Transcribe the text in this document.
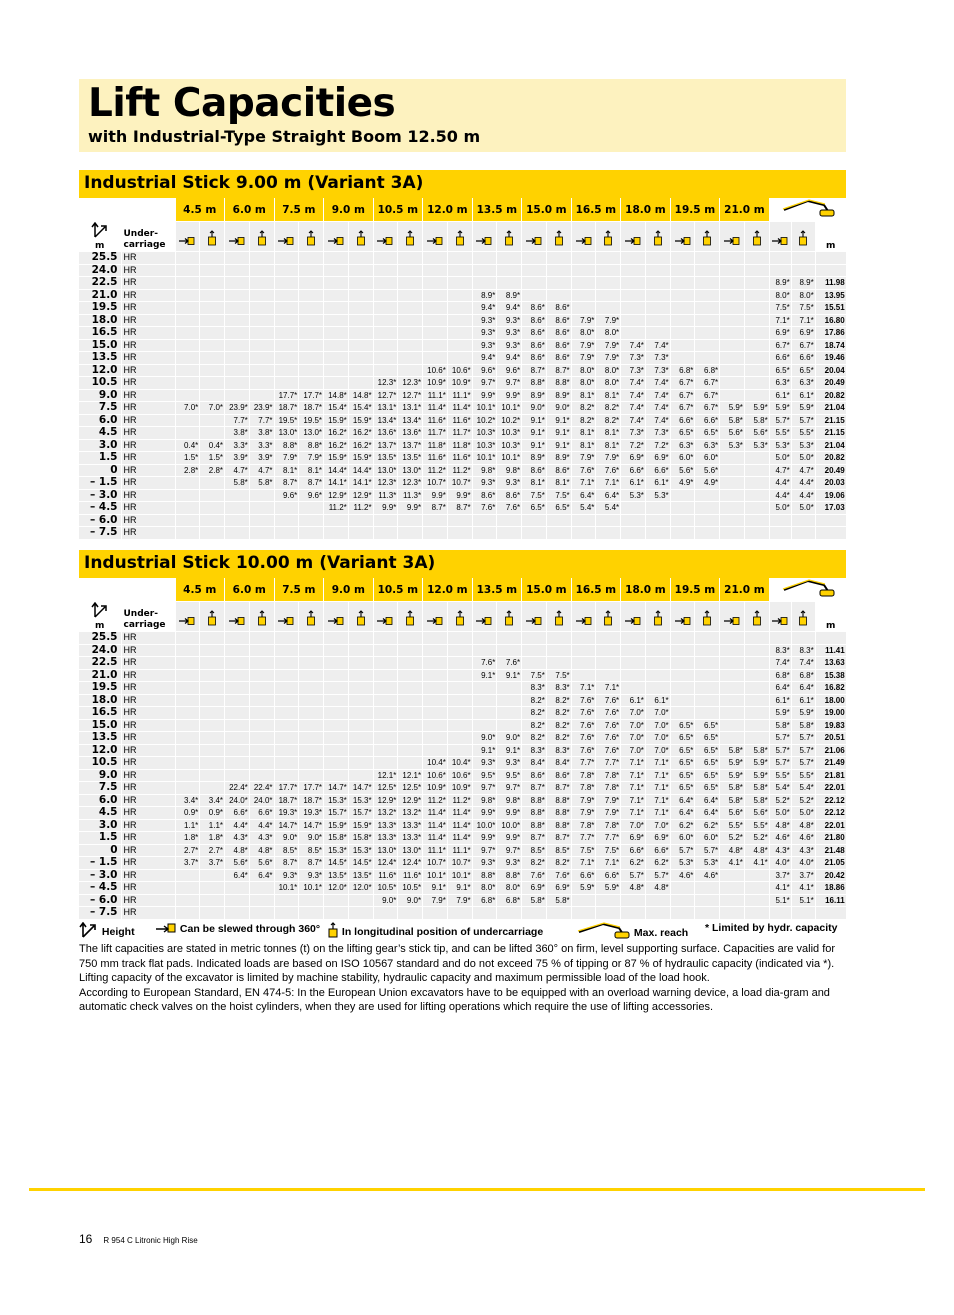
Lift Capacities
with Industrial-Type Straight Boom 12.50 m
Industrial Stick 9.00 m (Variant 3A)
		4.5 m		6.0 m		7.5 m		9.0 m		10.5 m		12.0 m		13.5 m		15.0 m		16.5 m		18.0 m		19.5 m		21.0 m	

m	Under-
carriage																											m
25.5	HR																											
24.0	HR																											
22.5	HR																									8.9*	8.9*	11.98
21.0	HR													8.9*	8.9*											8.0*	8.0*	13.95
19.5	HR													9.4*	9.4*	8.6*	8.6*									7.5*	7.5*	15.51
18.0	HR													9.3*	9.3*	8.6*	8.6*	7.9*	7.9*							7.1*	7.1*	16.80
16.5	HR													9.3*	9.3*	8.6*	8.6*	8.0*	8.0*							6.9*	6.9*	17.86
15.0	HR													9.3*	9.3*	8.6*	8.6*	7.9*	7.9*	7.4*	7.4*					6.7*	6.7*	18.74
13.5	HR													9.4*	9.4*	8.6*	8.6*	7.9*	7.9*	7.3*	7.3*					6.6*	6.6*	19.46
12.0	HR											10.6*	10.6*	9.6*	9.6*	8.7*	8.7*	8.0*	8.0*	7.3*	7.3*	6.8*	6.8*			6.5*	6.5*	20.04
10.5	HR									12.3*	12.3*	10.9*	10.9*	9.7*	9.7*	8.8*	8.8*	8.0*	8.0*	7.4*	7.4*	6.7*	6.7*			6.3*	6.3*	20.49
9.0	HR					17.7*	17.7*	14.8*	14.8*	12.7*	12.7*	11.1*	11.1*	9.9*	9.9*	8.9*	8.9*	8.1*	8.1*	7.4*	7.4*	6.7*	6.7*			6.1*	6.1*	20.82
7.5	HR	7.0*	7.0*	23.9*	23.9*	18.7*	18.7*	15.4*	15.4*	13.1*	13.1*	11.4*	11.4*	10.1*	10.1*	9.0*	9.0*	8.2*	8.2*	7.4*	7.4*	6.7*	6.7*	5.9*	5.9*	5.9*	5.9*	21.04
6.0	HR			7.7*	7.7*	19.5*	19.5*	15.9*	15.9*	13.4*	13.4*	11.6*	11.6*	10.2*	10.2*	9.1*	9.1*	8.2*	8.2*	7.4*	7.4*	6.6*	6.6*	5.8*	5.8*	5.7*	5.7*	21.15
4.5	HR			3.8*	3.8*	13.0*	13.0*	16.2*	16.2*	13.6*	13.6*	11.7*	11.7*	10.3*	10.3*	9.1*	9.1*	8.1*	8.1*	7.3*	7.3*	6.5*	6.5*	5.6*	5.6*	5.5*	5.5*	21.15
3.0	HR	0.4*	0.4*	3.3*	3.3*	8.8*	8.8*	16.2*	16.2*	13.7*	13.7*	11.8*	11.8*	10.3*	10.3*	9.1*	9.1*	8.1*	8.1*	7.2*	7.2*	6.3*	6.3*	5.3*	5.3*	5.3*	5.3*	21.04
1.5	HR	1.5*	1.5*	3.9*	3.9*	7.9*	7.9*	15.9*	15.9*	13.5*	13.5*	11.6*	11.6*	10.1*	10.1*	8.9*	8.9*	7.9*	7.9*	6.9*	6.9*	6.0*	6.0*			5.0*	5.0*	20.82
0	HR	2.8*	2.8*	4.7*	4.7*	8.1*	8.1*	14.4*	14.4*	13.0*	13.0*	11.2*	11.2*	9.8*	9.8*	8.6*	8.6*	7.6*	7.6*	6.6*	6.6*	5.6*	5.6*			4.7*	4.7*	20.49
– 1.5	HR			5.8*	5.8*	8.7*	8.7*	14.1*	14.1*	12.3*	12.3*	10.7*	10.7*	9.3*	9.3*	8.1*	8.1*	7.1*	7.1*	6.1*	6.1*	4.9*	4.9*			4.4*	4.4*	20.03
– 3.0	HR					9.6*	9.6*	12.9*	12.9*	11.3*	11.3*	9.9*	9.9*	8.6*	8.6*	7.5*	7.5*	6.4*	6.4*	5.3*	5.3*					4.4*	4.4*	19.06
– 4.5	HR							11.2*	11.2*	9.9*	9.9*	8.7*	8.7*	7.6*	7.6*	6.5*	6.5*	5.4*	5.4*							5.0*	5.0*	17.03
– 6.0	HR																											
– 7.5	HR																											
Industrial Stick 10.00 m (Variant 3A)
		4.5 m		6.0 m		7.5 m		9.0 m		10.5 m		12.0 m		13.5 m		15.0 m		16.5 m		18.0 m		19.5 m		21.0 m	

m	Under-
carriage																											m
25.5	HR																											
24.0	HR																									8.3*	8.3*	11.41
22.5	HR													7.6*	7.6*											7.4*	7.4*	13.63
21.0	HR													9.1*	9.1*	7.5*	7.5*									6.8*	6.8*	15.38
19.5	HR															8.3*	8.3*	7.1*	7.1*							6.4*	6.4*	16.82
18.0	HR															8.2*	8.2*	7.6*	7.6*	6.1*	6.1*					6.1*	6.1*	18.00
16.5	HR															8.2*	8.2*	7.6*	7.6*	7.0*	7.0*					5.9*	5.9*	19.00
15.0	HR															8.2*	8.2*	7.6*	7.6*	7.0*	7.0*	6.5*	6.5*			5.8*	5.8*	19.83
13.5	HR													9.0*	9.0*	8.2*	8.2*	7.6*	7.6*	7.0*	7.0*	6.5*	6.5*			5.7*	5.7*	20.51
12.0	HR													9.1*	9.1*	8.3*	8.3*	7.6*	7.6*	7.0*	7.0*	6.5*	6.5*	5.8*	5.8*	5.7*	5.7*	21.06
10.5	HR											10.4*	10.4*	9.3*	9.3*	8.4*	8.4*	7.7*	7.7*	7.1*	7.1*	6.5*	6.5*	5.9*	5.9*	5.7*	5.7*	21.49
9.0	HR									12.1*	12.1*	10.6*	10.6*	9.5*	9.5*	8.6*	8.6*	7.8*	7.8*	7.1*	7.1*	6.5*	6.5*	5.9*	5.9*	5.5*	5.5*	21.81
7.5	HR			22.4*	22.4*	17.7*	17.7*	14.7*	14.7*	12.5*	12.5*	10.9*	10.9*	9.7*	9.7*	8.7*	8.7*	7.8*	7.8*	7.1*	7.1*	6.5*	6.5*	5.8*	5.8*	5.4*	5.4*	22.01
6.0	HR	3.4*	3.4*	24.0*	24.0*	18.7*	18.7*	15.3*	15.3*	12.9*	12.9*	11.2*	11.2*	9.8*	9.8*	8.8*	8.8*	7.9*	7.9*	7.1*	7.1*	6.4*	6.4*	5.8*	5.8*	5.2*	5.2*	22.12
4.5	HR	0.9*	0.9*	6.6*	6.6*	19.3*	19.3*	15.7*	15.7*	13.2*	13.2*	11.4*	11.4*	9.9*	9.9*	8.8*	8.8*	7.9*	7.9*	7.1*	7.1*	6.4*	6.4*	5.6*	5.6*	5.0*	5.0*	22.12
3.0	HR	1.1*	1.1*	4.4*	4.4*	14.7*	14.7*	15.9*	15.9*	13.3*	13.3*	11.4*	11.4*	10.0*	10.0*	8.8*	8.8*	7.8*	7.8*	7.0*	7.0*	6.2*	6.2*	5.5*	5.5*	4.8*	4.8*	22.01
1.5	HR	1.8*	1.8*	4.3*	4.3*	9.0*	9.0*	15.8*	15.8*	13.3*	13.3*	11.4*	11.4*	9.9*	9.9*	8.7*	8.7*	7.7*	7.7*	6.9*	6.9*	6.0*	6.0*	5.2*	5.2*	4.6*	4.6*	21.80
0	HR	2.7*	2.7*	4.8*	4.8*	8.5*	8.5*	15.3*	15.3*	13.0*	13.0*	11.1*	11.1*	9.7*	9.7*	8.5*	8.5*	7.5*	7.5*	6.6*	6.6*	5.7*	5.7*	4.8*	4.8*	4.3*	4.3*	21.48
– 1.5	HR	3.7*	3.7*	5.6*	5.6*	8.7*	8.7*	14.5*	14.5*	12.4*	12.4*	10.7*	10.7*	9.3*	9.3*	8.2*	8.2*	7.1*	7.1*	6.2*	6.2*	5.3*	5.3*	4.1*	4.1*	4.0*	4.0*	21.05
– 3.0	HR			6.4*	6.4*	9.3*	9.3*	13.5*	13.5*	11.6*	11.6*	10.1*	10.1*	8.8*	8.8*	7.6*	7.6*	6.6*	6.6*	5.7*	5.7*	4.6*	4.6*			3.7*	3.7*	20.42
– 4.5	HR					10.1*	10.1*	12.0*	12.0*	10.5*	10.5*	9.1*	9.1*	8.0*	8.0*	6.9*	6.9*	5.9*	5.9*	4.8*	4.8*					4.1*	4.1*	18.86
– 6.0	HR									9.0*	9.0*	7.9*	7.9*	6.8*	6.8*	5.8*	5.8*									5.1*	5.1*	16.11
– 7.5	HR																											
Height	Can be slewed through 360°	In longitudinal position of undercarriage	Max. reach * Limited by hydr. capacity

The lift capacities are stated in metric tonnes (t) on the lifting gear’s stick tip, and can be lifted 360° on firm, level supporting surface. Capacities are valid for 750 mm track flat pads. Indicated loads are based on ISO 10567 standard and do not exceed 75 % of tipping or 87 % of hydraulic capacity (indicated via *). Lifting capacity of the excavator is limited by machine stability, hydraulic capacity and maximum permissible load of the load hook.
According to European Standard, EN 474-5: In the European Union excavators have to be equipped with an overload warning device, a load dia-gram and automatic check valves on the hoist cylinders, when they are used for lifting operations which require the use of lifting accessories.

16 R 954 C Litronic High Rise
